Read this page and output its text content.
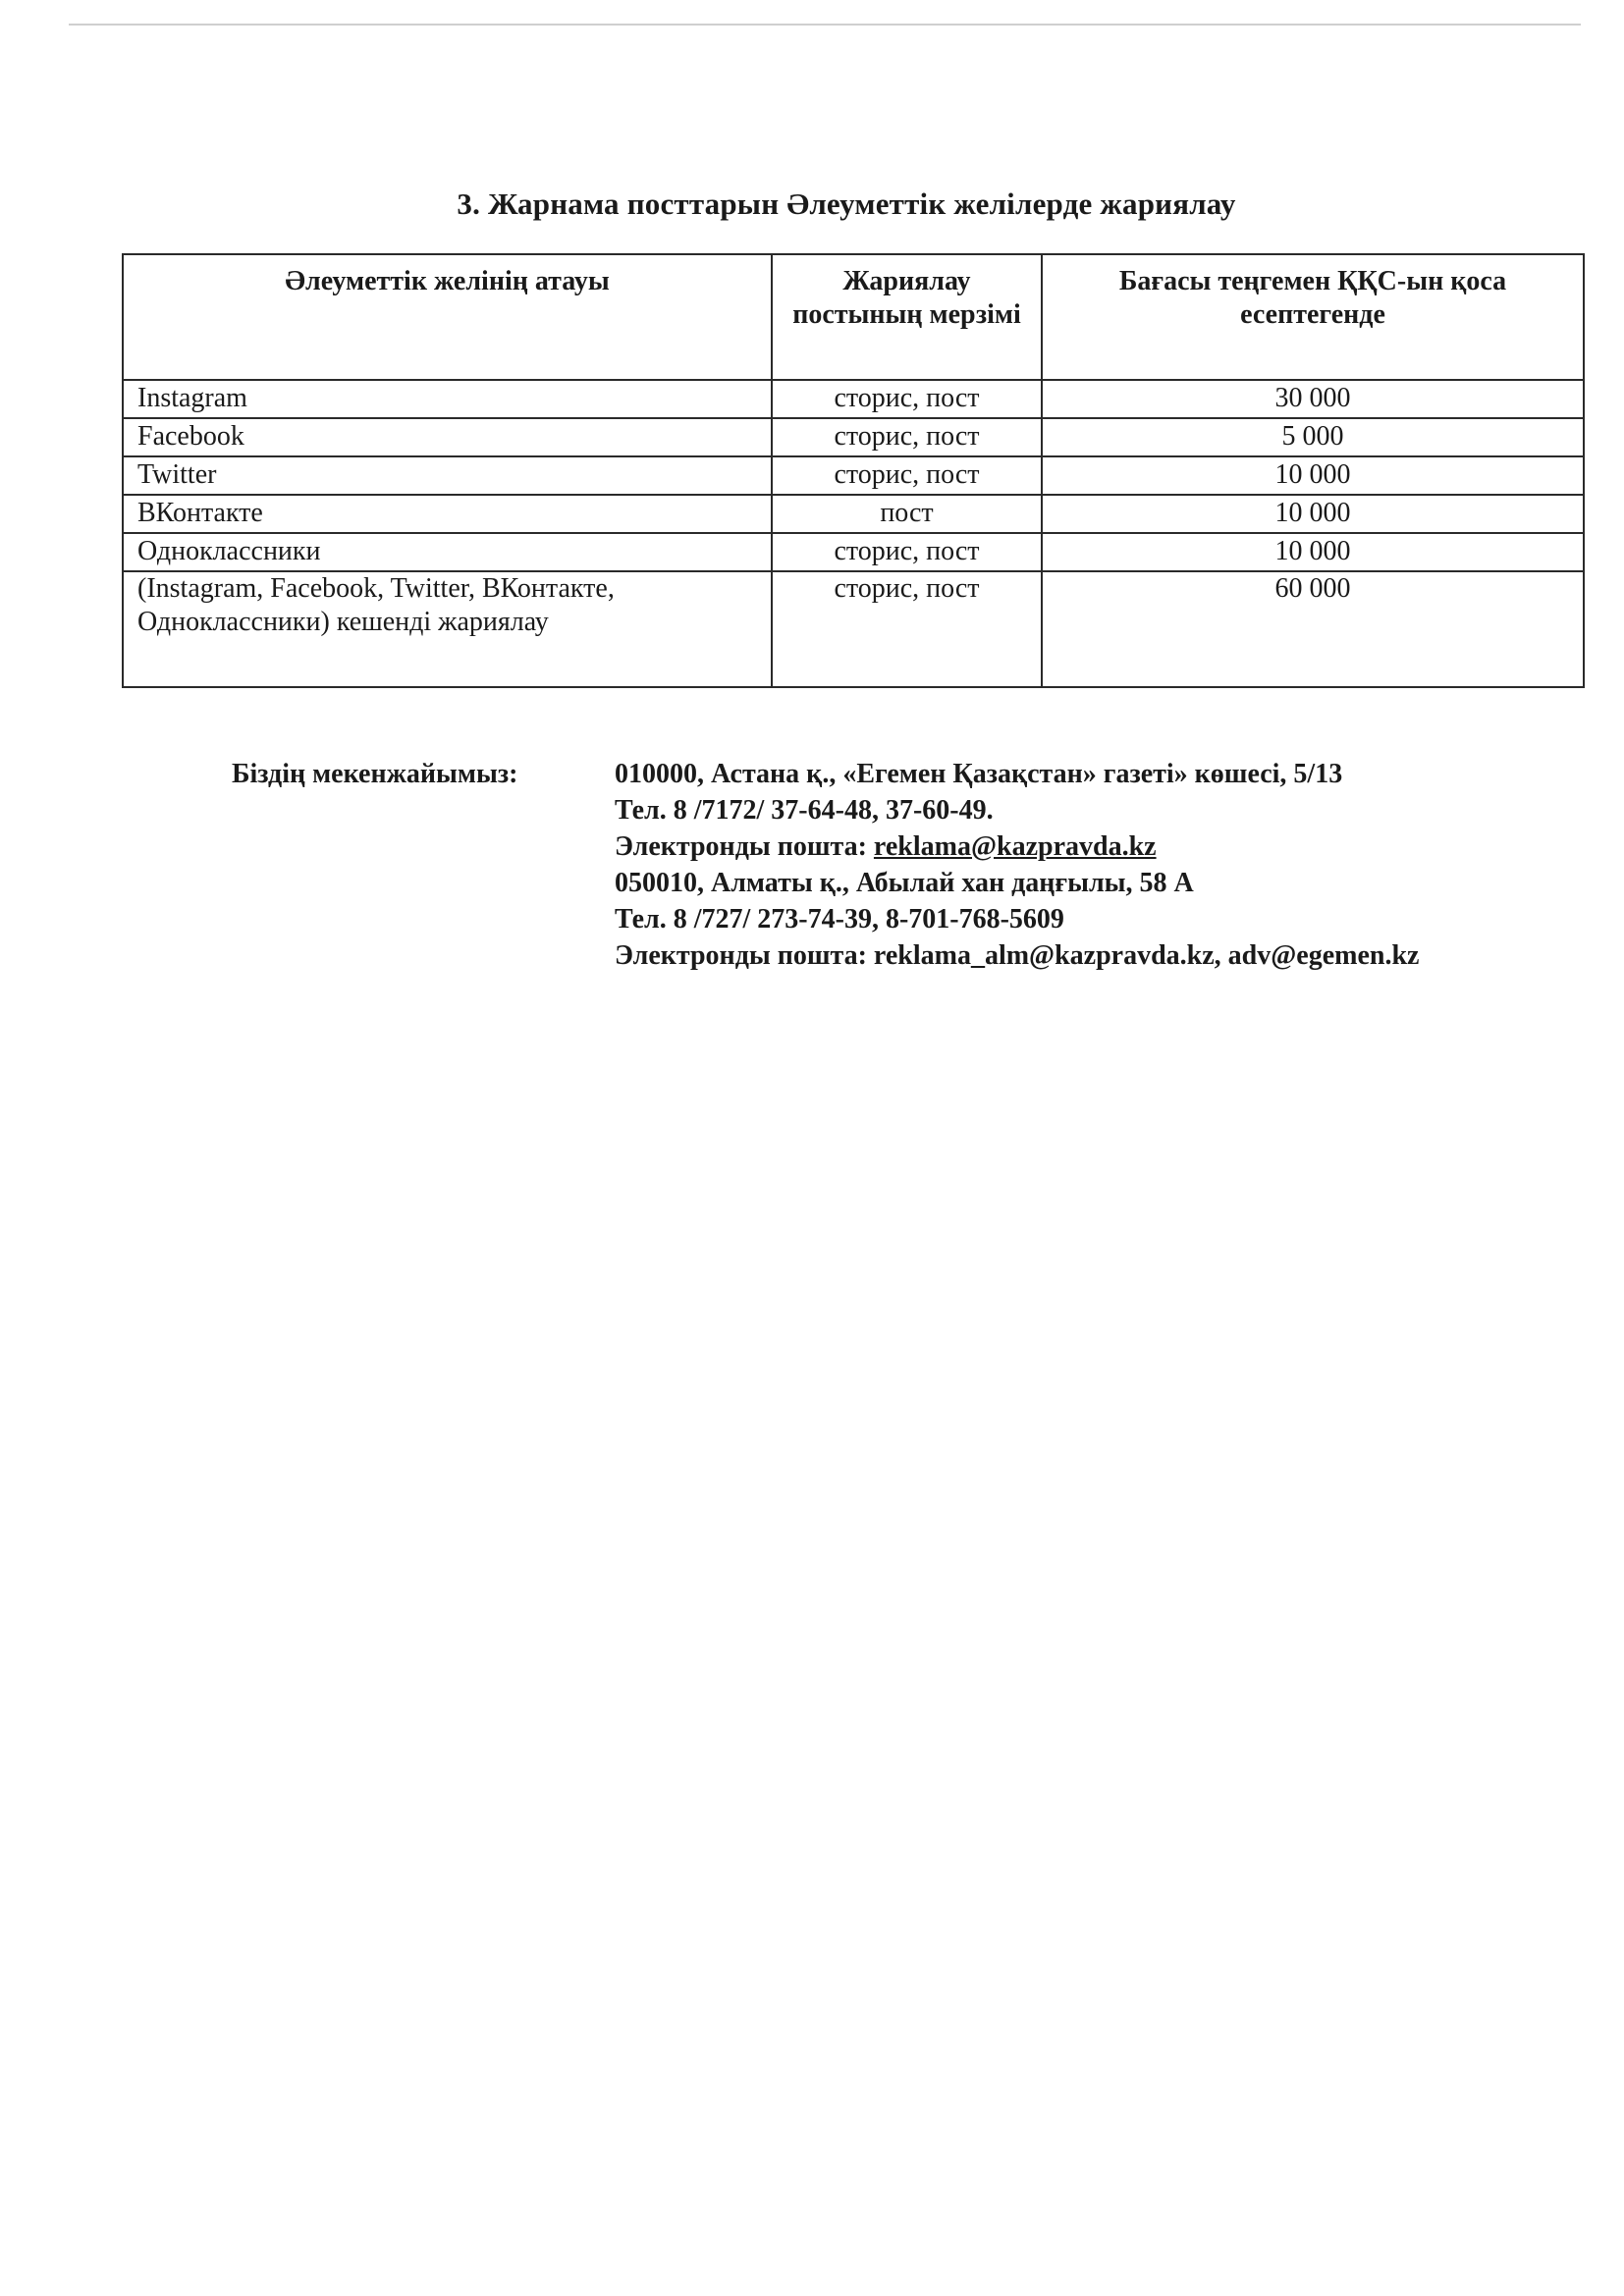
3. Жарнама посттарын Әлеуметтік желілерде жариялау
Әлеуметтік желінің атауы	Жариялау постының мерзімі	Бағасы теңгемен ҚҚС-ын қоса есептегенде
Instagram	сторис, пост	30 000
Facebook	сторис, пост	5 000
Twitter	сторис, пост	10 000
ВКонтакте	пост	10 000
Одноклассники	сторис, пост	10 000
(Instagram, Facebook, Twitter, ВКонтакте, Одноклассники) кешенді жариялау	сторис, пост	60 000
Біздің мекенжайымыз:	010000, Астана қ., «Егемен Қазақстан» газеті» көшесі, 5/13
Тел. 8 /7172/ 37-64-48, 37-60-49.
Электронды пошта: reklama@kazpravda.kz
050010, Алматы қ., Абылай хан даңғылы, 58 А
Тел. 8 /727/ 273-74-39, 8-701-768-5609
Электронды пошта: reklama_alm@kazpravda.kz, adv@egemen.kz
